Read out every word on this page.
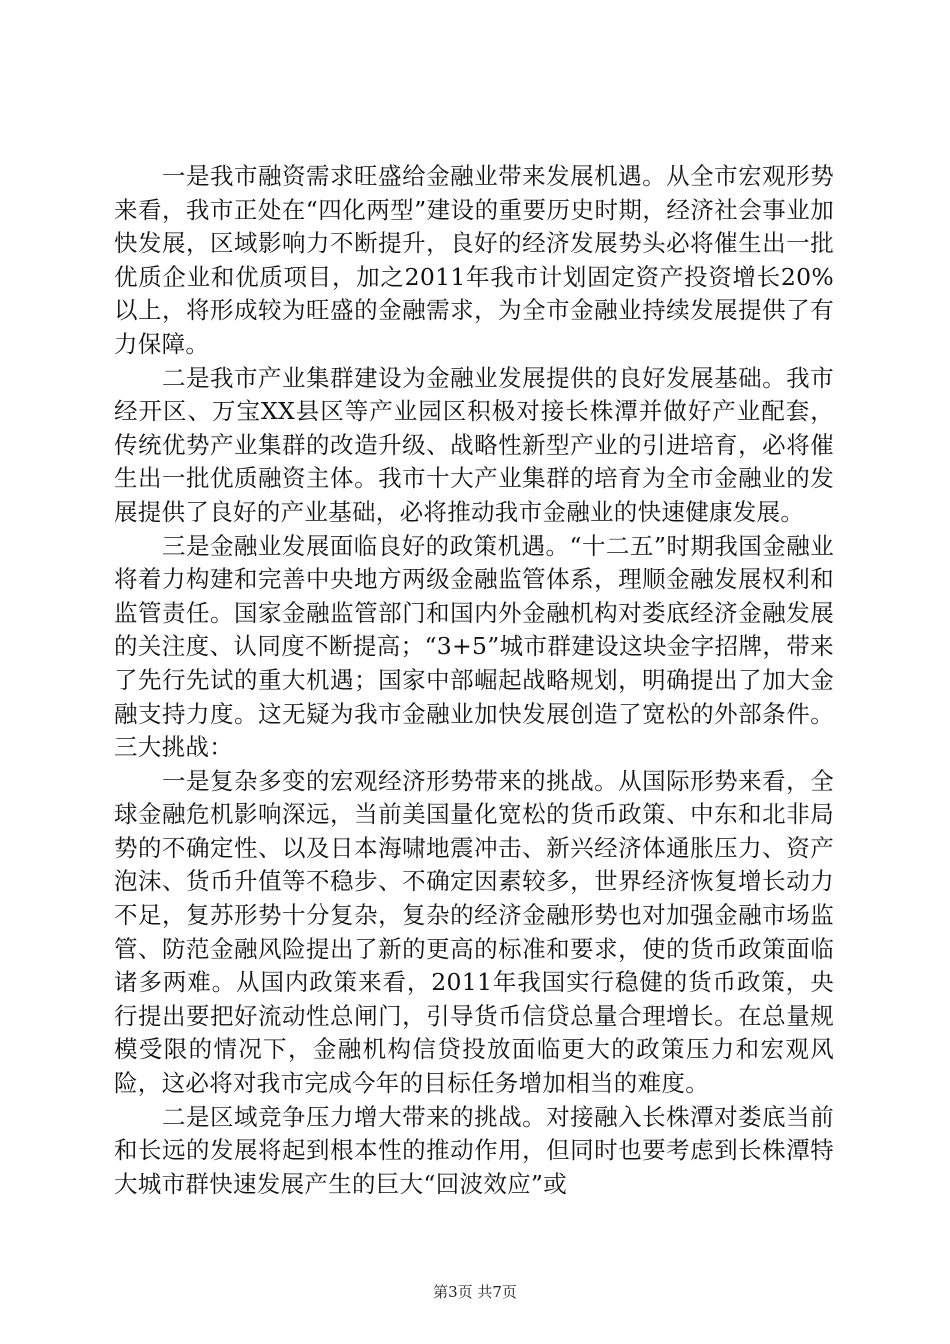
一是我市融资需求旺盛给金融业带来发展机遇。从全市宏观形势来看，我市正处在“四化两型”建设的重要历史时期，经济社会事业加快发展，区域影响力不断提升，良好的经济发展势头必将催生出一批优质企业和优质项目，加之2011年我市计划固定资产投资增长20%以上，将形成较为旺盛的金融需求，为全市金融业持续发展提供了有力保障。

二是我市产业集群建设为金融业发展提供的良好发展基础。我市经开区、万宝XX县区等产业园区积极对接长株潭并做好产业配套，传统优势产业集群的改造升级、战略性新型产业的引进培育，必将催生出一批优质融资主体。我市十大产业集群的培育为全市金融业的发展提供了良好的产业基础，必将推动我市金融业的快速健康发展。

三是金融业发展面临良好的政策机遇。“十二五”时期我国金融业将着力构建和完善中央地方两级金融监管体系，理顺金融发展权利和监管责任。国家金融监管部门和国内外金融机构对娄底经济金融发展的关注度、认同度不断提高；“3+5”城市群建设这块金字招牌，带来了先行先试的重大机遇；国家中部崛起战略规划，明确提出了加大金融支持力度。这无疑为我市金融业加快发展创造了宽松的外部条件。三大挑战：

一是复杂多变的宏观经济形势带来的挑战。从国际形势来看，全球金融危机影响深远，当前美国量化宽松的货币政策、中东和北非局势的不确定性、以及日本海啸地震冲击、新兴经济体通胀压力、资产泡沫、货币升值等不稳步、不确定因素较多，世界经济恢复增长动力不足，复苏形势十分复杂，复杂的经济金融形势也对加强金融市场监管、防范金融风险提出了新的更高的标准和要求，使的货币政策面临诸多两难。从国内政策来看，2011年我国实行稳健的货币政策，央行提出要把好流动性总闸门，引导货币信贷总量合理增长。在总量规模受限的情况下，金融机构信贷投放面临更大的政策压力和宏观风险，这必将对我市完成今年的目标任务增加相当的难度。

二是区域竞争压力增大带来的挑战。对接融入长株潭对娄底当前和长远的发展将起到根本性的推动作用，但同时也要考虑到长株潭特大城市群快速发展产生的巨大“回波效应”或

第3页 共7页
